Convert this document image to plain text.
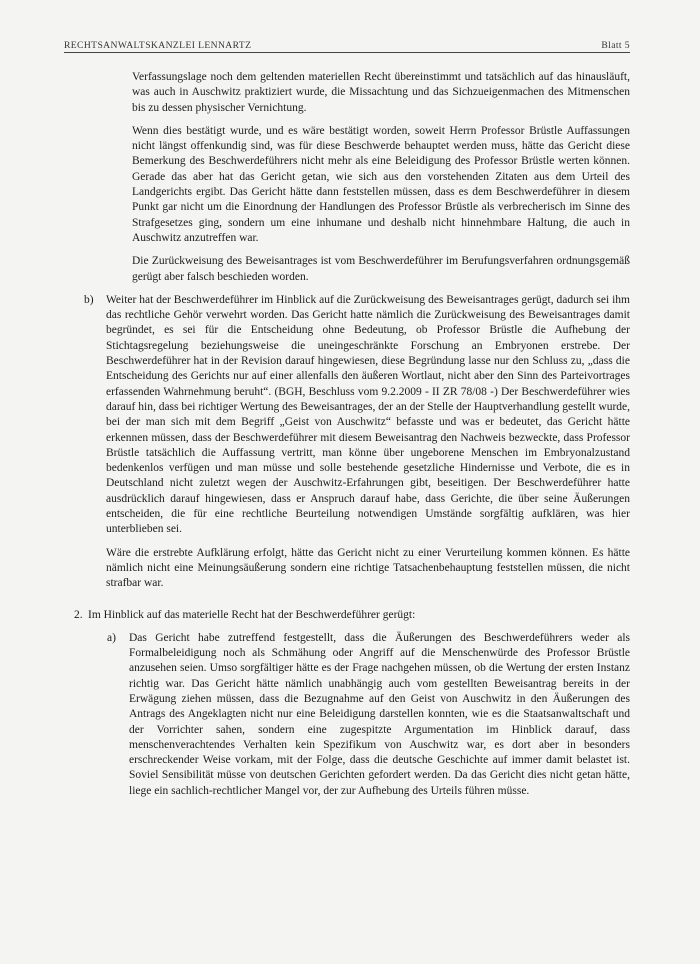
RECHTSANWALTSKANZLEI LENNARTZ	Blatt 5

Verfassungslage noch dem geltenden materiellen Recht übereinstimmt und tatsächlich auf das hinausläuft, was auch in Auschwitz praktiziert wurde, die Missachtung und das Sichzueigenmachen des Mitmenschen bis zu dessen physischer Vernichtung.

Wenn dies bestätigt wurde, und es wäre bestätigt worden, soweit Herrn Professor Brüstle Auffassungen nicht längst offenkundig sind, was für diese Beschwerde behauptet werden muss, hätte das Gericht diese Bemerkung des Beschwerdeführers nicht mehr als eine Beleidigung des Professor Brüstle werten können. Gerade das aber hat das Gericht getan, wie sich aus den vorstehenden Zitaten aus dem Urteil des Landgerichts ergibt. Das Gericht hätte dann feststellen müssen, dass es dem Beschwerdeführer in diesem Punkt gar nicht um die Einordnung der Handlungen des Professor Brüstle als verbrecherisch im Sinne des Strafgesetzes ging, sondern um eine inhumane und deshalb nicht hinnehmbare Haltung, die auch in Auschwitz anzutreffen war.

Die Zurückweisung des Beweisantrages ist vom Beschwerdeführer im Berufungsverfahren ordnungsgemäß gerügt aber falsch beschieden worden.

b)	Weiter hat der Beschwerdeführer im Hinblick auf die Zurückweisung des Beweisantrages gerügt, dadurch sei ihm das rechtliche Gehör verwehrt worden. Das Gericht hatte nämlich die Zurückweisung des Beweisantrages damit begründet, es sei für die Entscheidung ohne Bedeutung, ob Professor Brüstle die Aufhebung der Stichtagsregelung beziehungsweise die uneingeschränkte Forschung an Embryonen erstrebe. Der Beschwerdeführer hat in der Revision darauf hingewiesen, diese Begründung lasse nur den Schluss zu, „dass die Entscheidung des Gerichts nur auf einer allenfalls den äußeren Wortlaut, nicht aber den Sinn des Parteivortrages erfassenden Wahrnehmung beruht“. (BGH, Beschluss vom 9.2.2009 - II ZR 78/08 -) Der Beschwerdeführer wies darauf hin, dass bei richtiger Wertung des Beweisantrages, der an der Stelle der Hauptverhandlung gestellt wurde, bei der man sich mit dem Begriff „Geist von Auschwitz“ befasste und was er bedeutet, das Gericht hätte erkennen müssen, dass der Beschwerdeführer mit diesem Beweisantrag den Nachweis bezweckte, dass Professor Brüstle tatsächlich die Auffassung vertritt, man könne über ungeborene Menschen im Embryonalzustand bedenkenlos verfügen und man müsse und solle bestehende gesetzliche Hindernisse und Verbote, die es in Deutschland nicht zuletzt wegen der Auschwitz-Erfahrungen gibt, beseitigen. Der Beschwerdeführer hatte ausdrücklich darauf hingewiesen, dass er Anspruch darauf habe, dass Gerichte, die über seine Äußerungen entscheiden, die für eine rechtliche Beurteilung notwendigen Umstände sorgfältig aufklären, was hier unterblieben sei.

Wäre die erstrebte Aufklärung erfolgt, hätte das Gericht nicht zu einer Verurteilung kommen können. Es hätte nämlich nicht eine Meinungsäußerung sondern eine richtige Tatsachenbehauptung feststellen müssen, die nicht strafbar war.

2. Im Hinblick auf das materielle Recht hat der Beschwerdeführer gerügt:
a)	Das Gericht habe zutreffend festgestellt, dass die Äußerungen des Beschwerdeführers weder als Formalbeleidigung noch als Schmähung oder Angriff auf die Menschenwürde des Professor Brüstle anzusehen seien. Umso sorgfältiger hätte es der Frage nachgehen müssen, ob die Wertung der ersten Instanz richtig war. Das Gericht hätte nämlich unabhängig auch vom gestellten Beweisantrag bereits in der Erwägung ziehen müssen, dass die Bezugnahme auf den Geist von Auschwitz in den Äußerungen des Antrags des Angeklagten nicht nur eine Beleidigung darstellen konnten, wie es die Staatsanwaltschaft und der Vorrichter sahen, sondern eine zugespitzte Argumentation im Hinblick darauf, dass menschenverachtendes Verhalten kein Spezifikum von Auschwitz war, es dort aber in besonders erschreckender Weise vorkam, mit der Folge, dass die deutsche Geschichte auf immer damit belastet ist. Soviel Sensibilität müsse von deutschen Gerichten gefordert werden. Da das Gericht dies nicht getan hätte, liege ein sachlich-rechtlicher Mangel vor, der zur Aufhebung des Urteils führen müsse.
